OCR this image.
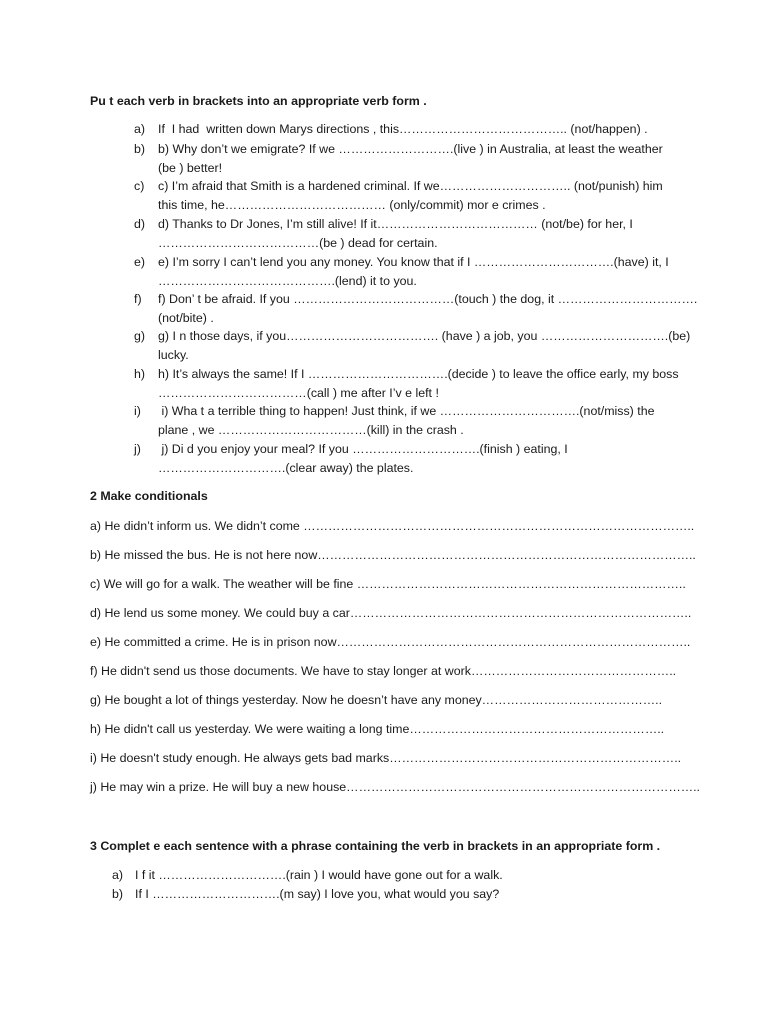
Pu t each verb in brackets into an appropriate verb form .
a) If  I had  written down Marys directions , this………………………………….. (not/happen) .
b) b) Why don’t we emigrate? If we ……………………….(live ) in Australia, at least the weather
(be ) better!
c) c) I’m afraid that Smith is a hardened criminal. If we………………………….. (not/punish) him
this time, he………………………………… (only/commit) mor e crimes .
d) d) Thanks to Dr Jones, I’m still alive! If it………………………………… (not/be) for her, I
…………………………………(be ) dead for certain.
e) e) I’m sorry I can’t lend you any money. You know that if I …………………………….(have) it, I
…………………………………….(lend) it to you.
f) f) Don’ t be afraid. If you …………………………………(touch ) the dog, it …………………………….
(not/bite) .
g) g) I n those days, if you………………………………. (have ) a job, you ………………………….(be)
lucky.
h) h) It’s always the same! If I …………………………….(decide ) to leave the office early, my boss
………………………………(call ) me after I’v e left !
i) i) Wha t a terrible thing to happen! Just think, if we …………………………….(not/miss) the
plane , we ………………………………(kill) in the crash .
j) j) Di d you enjoy your meal? If you ………………………….(finish ) eating, I
………………………….(clear away) the plates.
2 Make conditionals
a) He didn’t inform us. We didn’t come …………………………………………………………………………………..
b) He missed the bus. He is not here now………………………………………………………………………………..
c) We will go for a walk. The weather will be fine ……………………………………………………………………..
d) He lend us some money. We could buy a car………………………………………………………………………..
e) He committed a crime. He is in prison now…………………………………………………………………………..
f) He didn't send us those documents. We have to stay longer at work…………………………………………..
g) He bought a lot of things yesterday. Now he doesn’t have any money……………………………………..
h) He didn't call us yesterday. We were waiting a long time……………………………………………………..
i) He doesn't study enough. He always gets bad marks……………………………………………………………..
j) He may win a prize. He will buy a new house…………………………………………………………………………..
3 Complet e each sentence with a phrase containing the verb in brackets in an appropriate form .
a) I f it ………………………….(rain ) I would have gone out for a walk.
b) If I ………………………….(m say) I love you, what would you say?
